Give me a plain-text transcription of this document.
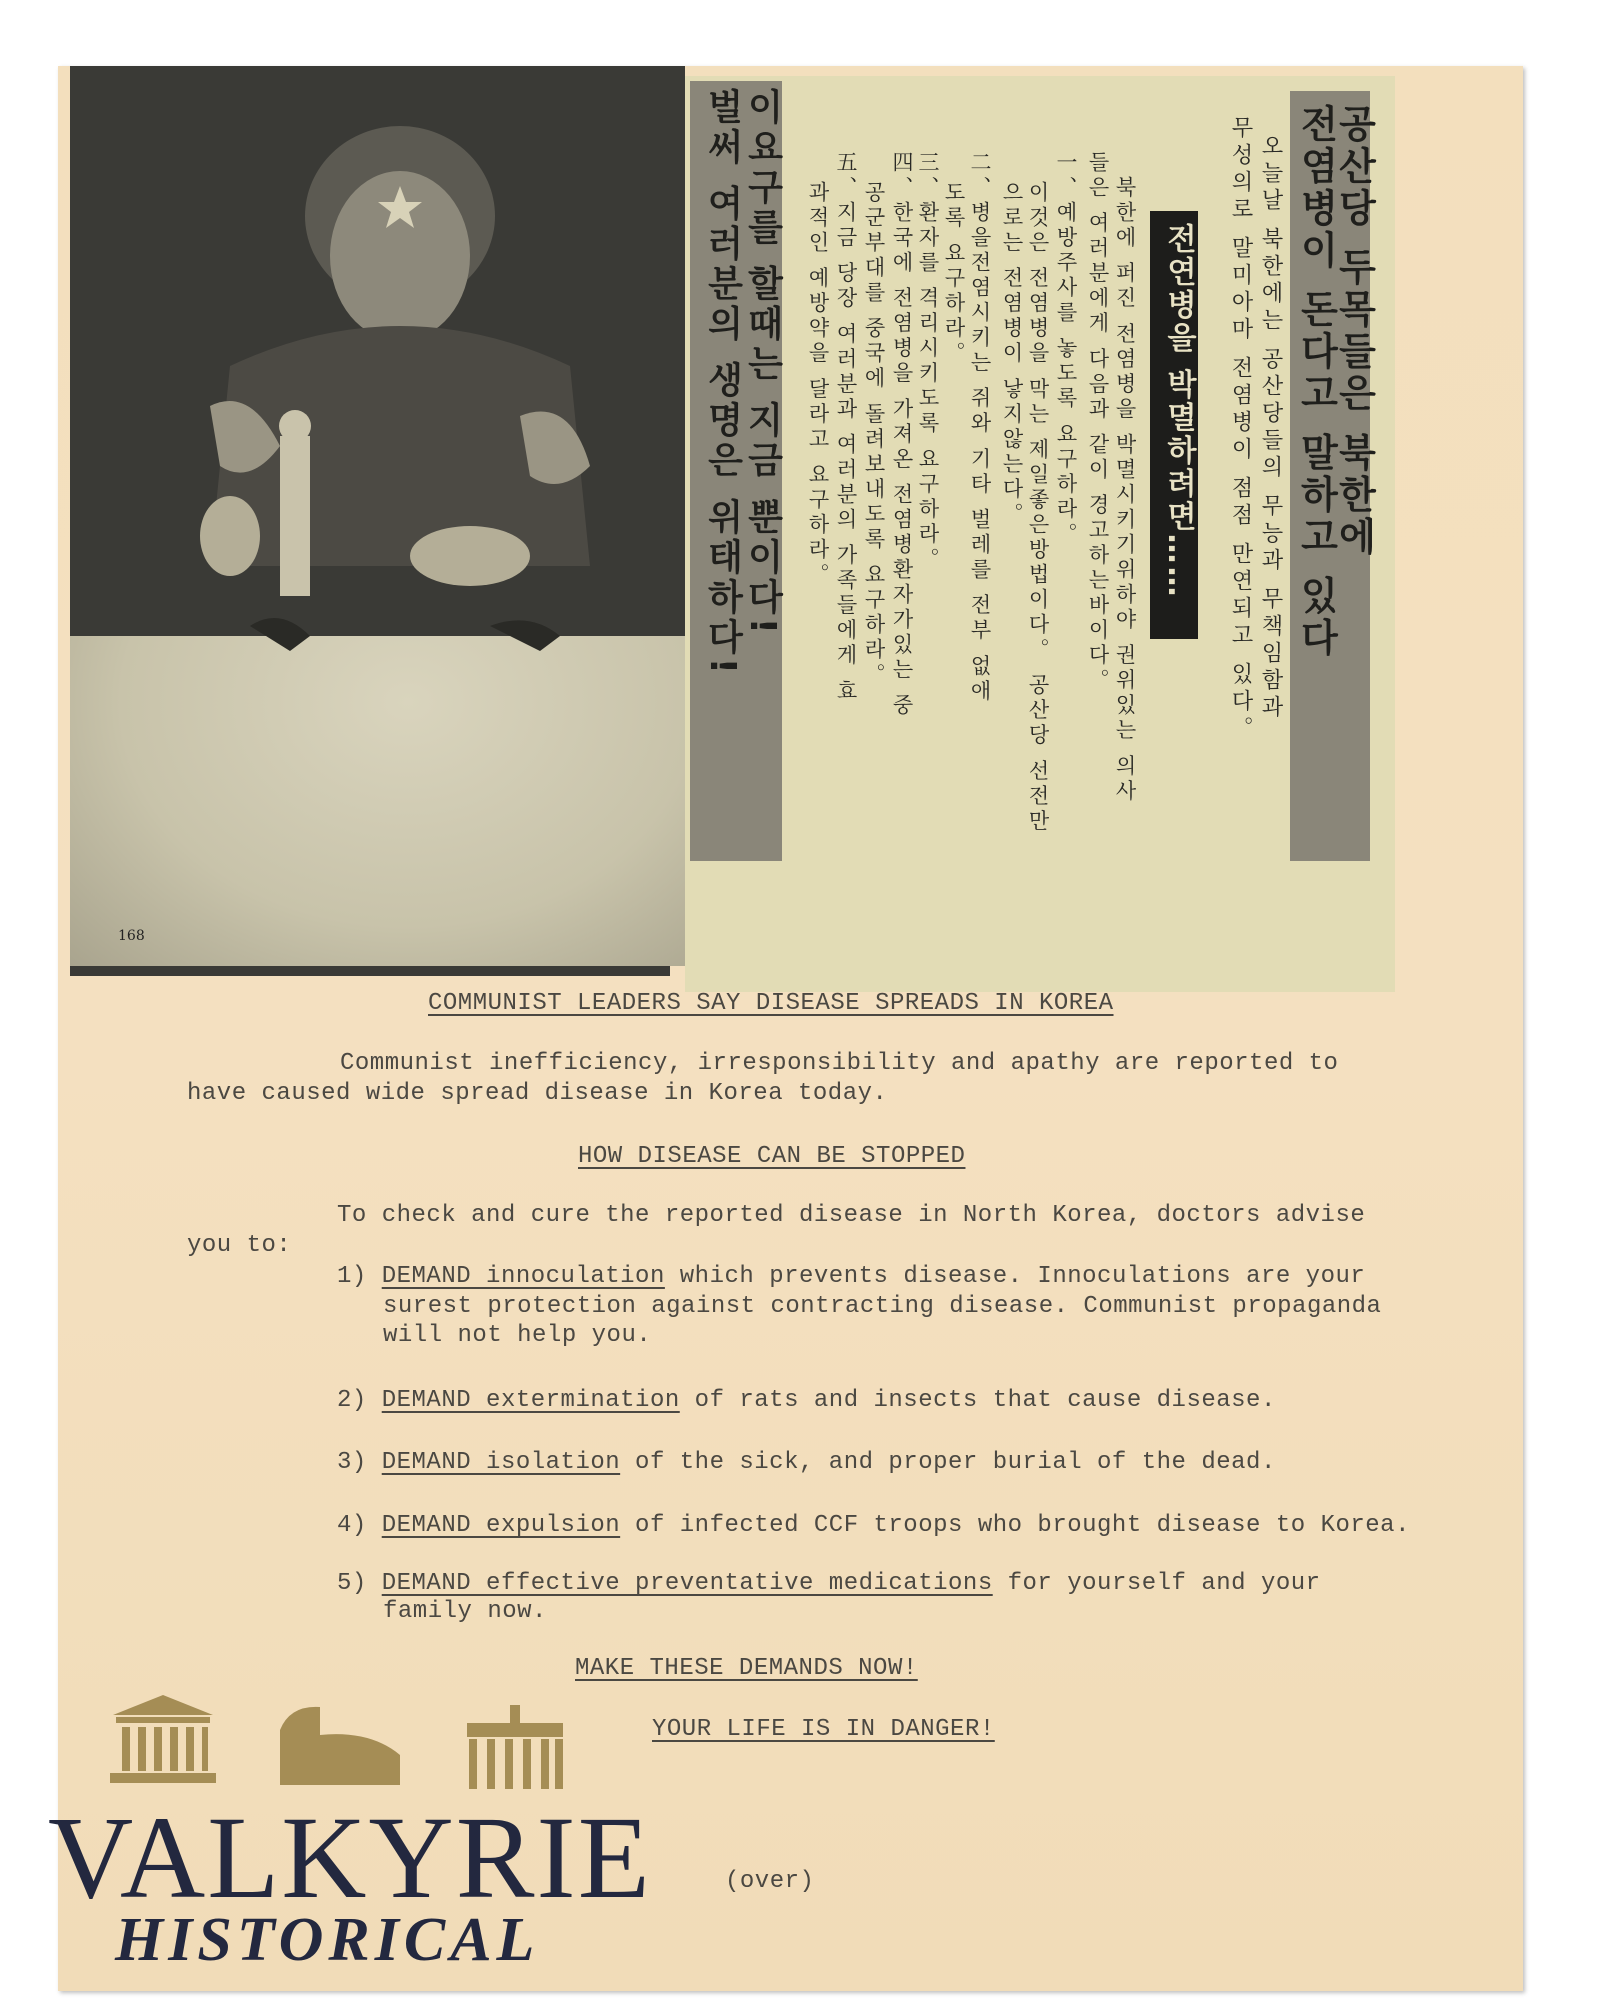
168
공산당 두목들은 북한에
전염병이 돈다고 말하고 있다
오늘날 북한에는 공산당들의 무능과 무책임함과
무성의로 말미아마 전염병이 점점 만연되고 있다。
전연병을 박멸하려면……
북한에 퍼진 전염병을 박멸시키기위하야 권위있는 의사
들은 여러분에게 다음과 같이 경고하는바이다。
一、예방주사를 놓도록 요구하라。
이것은 전염병을 막는 제일좋은방법이다。 공산당 선전만
으로는 전염병이 낳지않는다。
二、병을전염시키는 쥐와 기타 벌레를 전부 없애
도록 요구하라。
三、환자를 격리시키도록 요구하라。
四、한국에 전염병을 가져온 전염병환자가있는 중
공군부대를 중국에 돌려보내도록 요구하라。
五、지금 당장 여러분과 여러분의 가족들에게 효
과적인 예방약을 달라고 요구하라。
이요구를 할때는 지금 뿐이다!
벌써 여러분의 생명은 위태하다!
COMMUNIST LEADERS SAY DISEASE SPREADS IN KOREA
Communist inefficiency, irresponsibility and apathy are reported to
have caused wide spread disease in Korea today.
HOW DISEASE CAN BE STOPPED
To check and cure the reported disease in North Korea, doctors advise
you to:
1) DEMAND innoculation which prevents disease. Innoculations are your
surest protection against contracting disease. Communist propaganda
will not help you.
2) DEMAND extermination of rats and insects that cause disease.
3) DEMAND isolation of the sick, and proper burial of the dead.
4) DEMAND expulsion of infected CCF troops who brought disease to Korea.
5) DEMAND effective preventative medications for yourself and your
family now.
MAKE THESE DEMANDS NOW!
YOUR LIFE IS IN DANGER!
(over)
VALKYRIE
HISTORICAL
